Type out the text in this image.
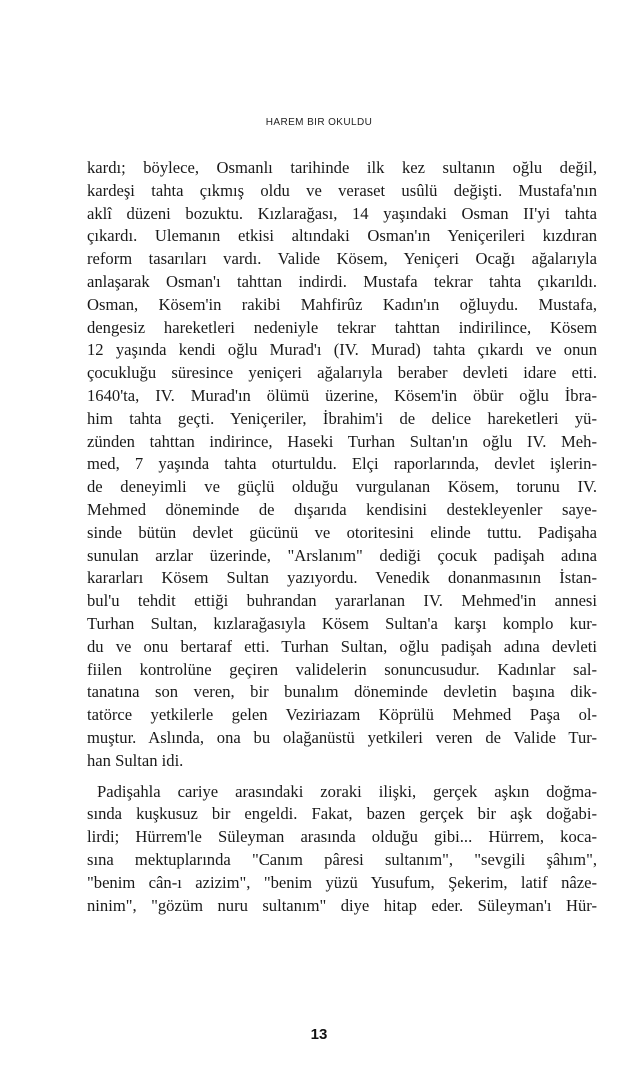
HAREM BIR OKULDU
kardı; böylece, Osmanlı tarihinde ilk kez sultanın oğlu değil,
kardeşi tahta çıkmış oldu ve veraset usûlü değişti. Mustafa'nın
aklî düzeni bozuktu. Kızlarağası, 14 yaşındaki Osman II'yi tahta
çıkardı. Ulemanın etkisi altındaki Osman'ın Yeniçerileri kızdıran
reform tasarıları vardı. Valide Kösem, Yeniçeri Ocağı ağalarıyla
anlaşarak Osman'ı tahttan indirdi. Mustafa tekrar tahta çıkarıldı.
Osman, Kösem'in rakibi Mahfirûz Kadın'ın oğluydu. Mustafa,
dengesiz hareketleri nedeniyle tekrar tahttan indirilince, Kösem
12 yaşında kendi oğlu Murad'ı (IV. Murad) tahta çıkardı ve onun
çocukluğu süresince yeniçeri ağalarıyla beraber devleti idare etti.
1640'ta, IV. Murad'ın ölümü üzerine, Kösem'in öbür oğlu İbra-
him tahta geçti. Yeniçeriler, İbrahim'i de delice hareketleri yü-
zünden tahttan indirince, Haseki Turhan Sultan'ın oğlu IV. Meh-
med, 7 yaşında tahta oturtuldu. Elçi raporlarında, devlet işlerin-
de deneyimli ve güçlü olduğu vurgulanan Kösem, torunu IV.
Mehmed döneminde de dışarıda kendisini destekleyenler saye-
sinde bütün devlet gücünü ve otoritesini elinde tuttu. Padişaha
sunulan arzlar üzerinde, "Arslanım" dediği çocuk padişah adına
kararları Kösem Sultan yazıyordu. Venedik donanmasının İstan-
bul'u tehdit ettiği buhrandan yararlanan IV. Mehmed'in annesi
Turhan Sultan, kızlarağasıyla Kösem Sultan'a karşı komplo kur-
du ve onu bertaraf etti. Turhan Sultan, oğlu padişah adına devleti
fiilen kontrolüne geçiren validelerin sonuncusudur. Kadınlar sal-
tanatına son veren, bir bunalım döneminde devletin başına dik-
tatörce yetkilerle gelen Veziriazam Köprülü Mehmed Paşa ol-
muştur. Aslında, ona bu olağanüstü yetkileri veren de Valide Tur-
han Sultan idi.
Padişahla cariye arasındaki zoraki ilişki, gerçek aşkın doğma-
sında kuşkusuz bir engeldi. Fakat, bazen gerçek bir aşk doğabi-
lirdi; Hürrem'le Süleyman arasında olduğu gibi... Hürrem, koca-
sına mektuplarında "Canım pâresi sultanım", "sevgili şâhım",
"benim cân-ı azizim", "benim yüzü Yusufum, Şekerim, latif nâze-
ninim", "gözüm nuru sultanım" diye hitap eder. Süleyman'ı Hür-
13
